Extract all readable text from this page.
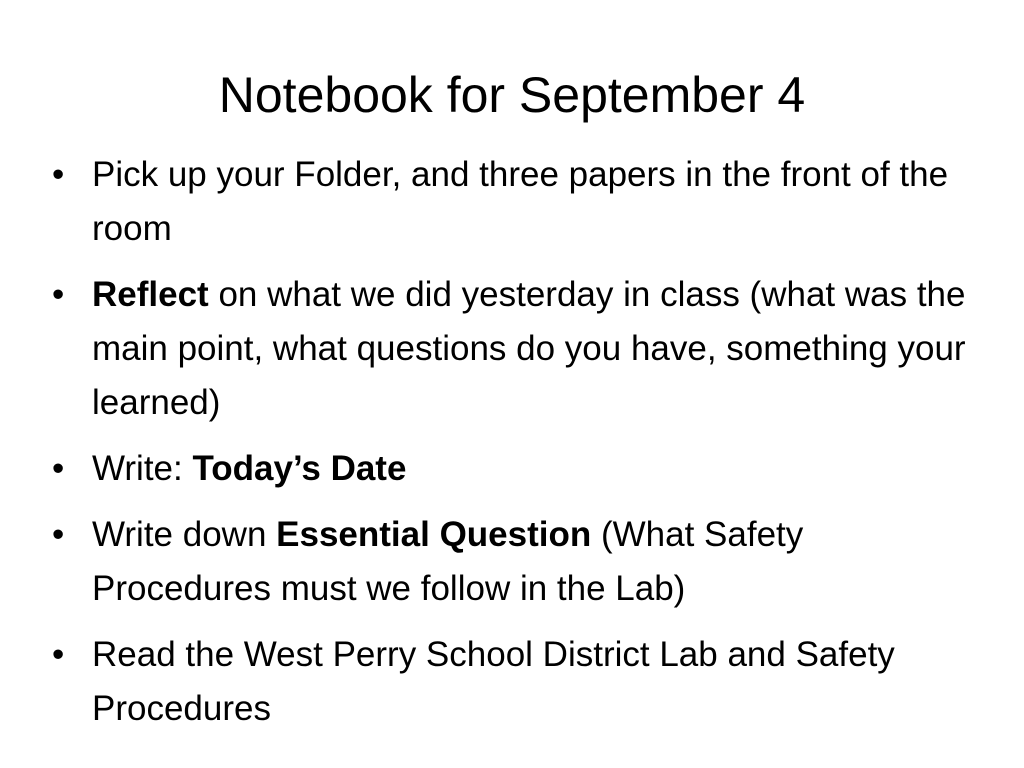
Notebook for September 4
• Pick up your Folder, and three papers in the front of the room
• Reflect on what we did yesterday in class (what was the main point, what questions do you have, something your learned)
• Write: Today’s Date
• Write down Essential Question (What Safety Procedures must we follow in the Lab)
• Read the West Perry School District Lab and Safety Procedures
